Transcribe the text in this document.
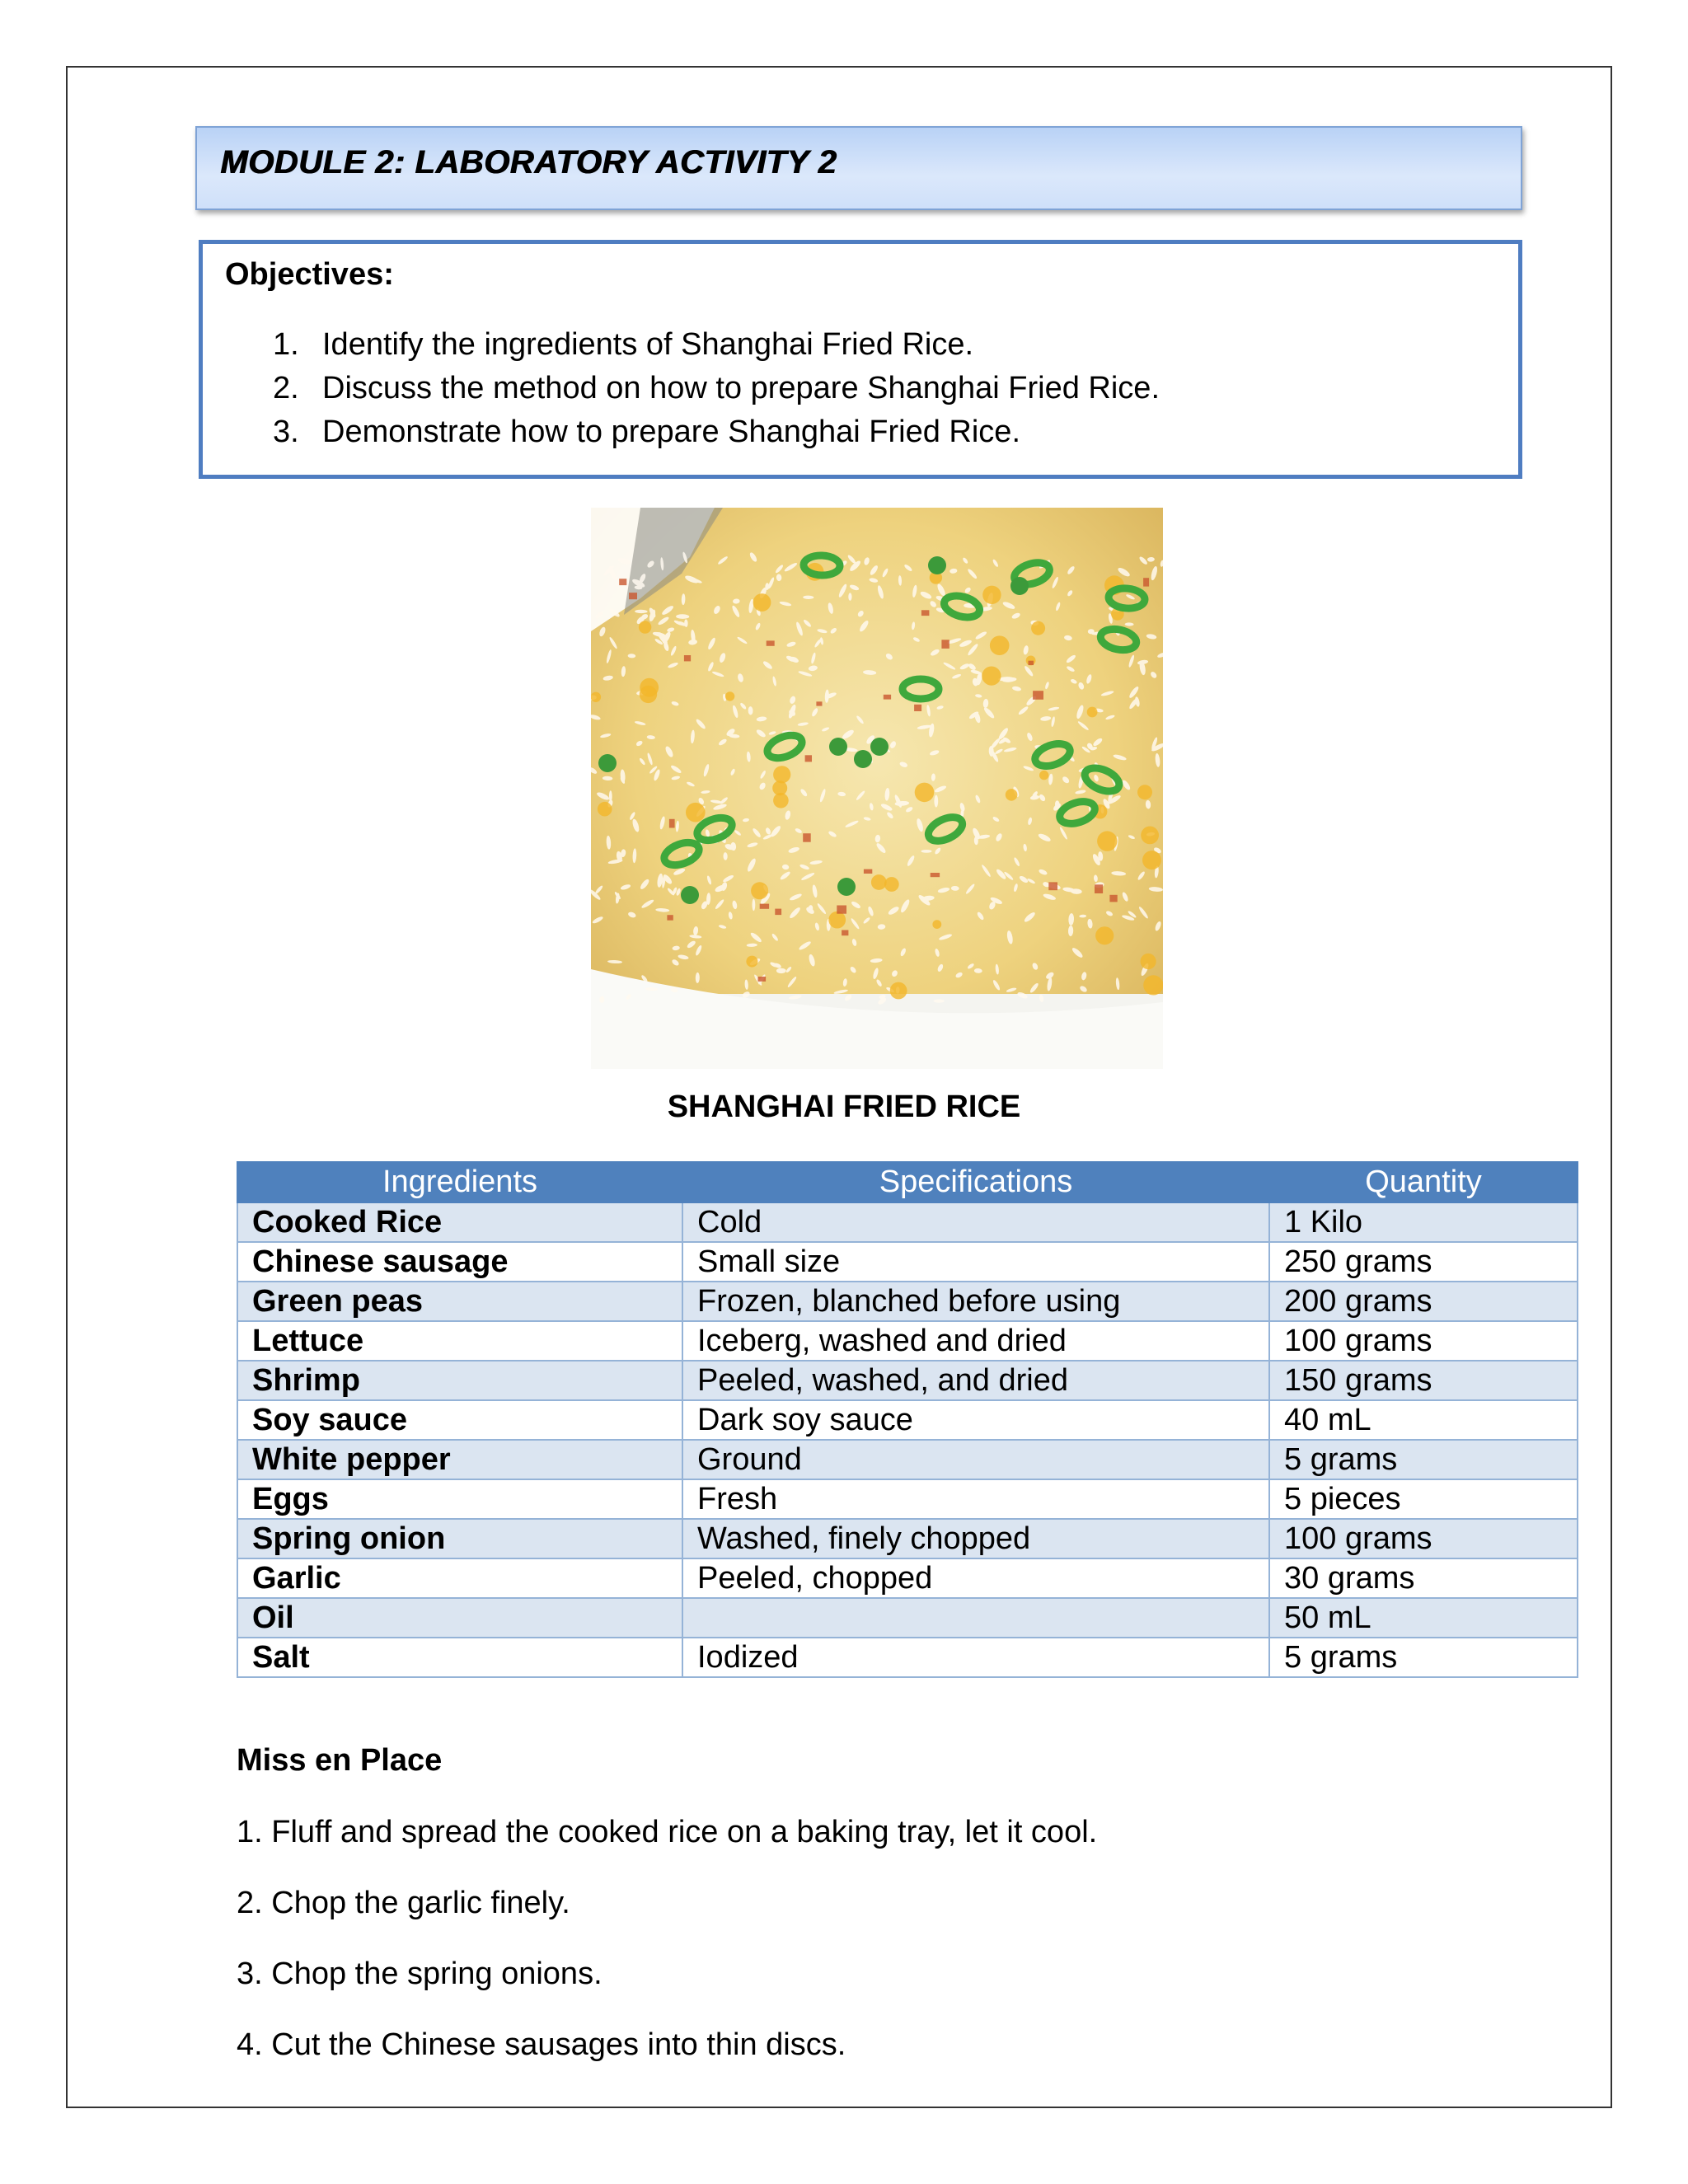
MODULE 2: LABORATORY ACTIVITY 2
Objectives:
1. Identify the ingredients of Shanghai Fried Rice.
2. Discuss the method on how to prepare Shanghai Fried Rice.
3. Demonstrate how to prepare Shanghai Fried Rice.
SHANGHAI FRIED RICE
Ingredients	Specifications	Quantity
Cooked Rice	Cold	1 Kilo
Chinese sausage	Small size	250 grams
Green peas	Frozen, blanched before using	200 grams
Lettuce	Iceberg, washed and dried	100 grams
Shrimp	Peeled, washed, and dried	150 grams
Soy sauce	Dark soy sauce	40 mL
White pepper	Ground	5 grams
Eggs	Fresh	5 pieces
Spring onion	Washed, finely chopped	100 grams
Garlic	Peeled, chopped	30 grams
Oil		50 mL
Salt	Iodized	5 grams
Miss en Place
1. Fluff and spread the cooked rice on a baking tray, let it cool.
2. Chop the garlic finely.
3. Chop the spring onions.
4. Cut the Chinese sausages into thin discs.
